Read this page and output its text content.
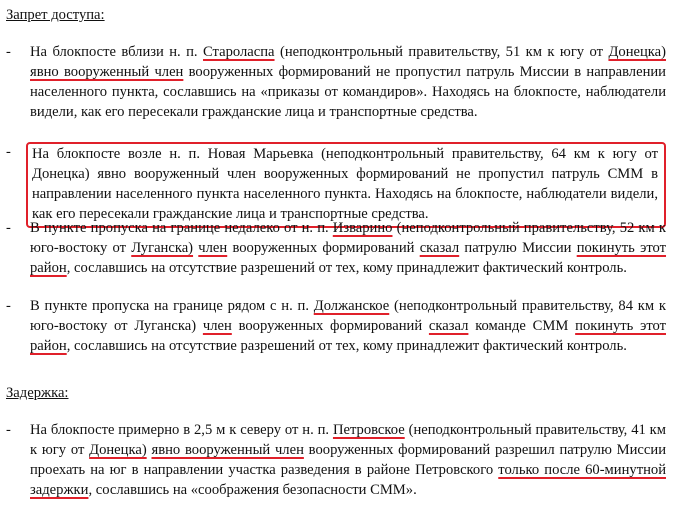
Запрет доступа:
-	На блокпосте вблизи н. п. Староласпа (неподконтрольный правительству, 51 км к югу от Донецка) явно вооруженный член вооруженных формирований не пропустил патруль Миссии в направлении населенного пункта, сославшись на «приказы от командиров». Находясь на блокпосте, наблюдатели видели, как его пересекали гражданские лица и транспортные средства.

-	На блокпосте возле н. п. Новая Марьевка (неподконтрольный правительству, 64 км к югу от Донецка) явно вооруженный член вооруженных формирований не пропустил патруль СММ в направлении населенного пункта населенного пункта. Находясь на блокпосте, наблюдатели видели, как его пересекали гражданские лица и транспортные средства.

-	В пункте пропуска на границе недалеко от н. п. Изварино (неподконтрольный правительству, 52 км к юго-востоку от Луганска) член вооруженных формирований сказал патрулю Миссии покинуть этот район, сославшись на отсутствие разрешений от тех, кому принадлежит фактический контроль.

-	В пункте пропуска на границе рядом с н. п. Должанское (неподконтрольный правительству, 84 км к юго-востоку от Луганска) член вооруженных формирований сказал команде СММ покинуть этот район, сославшись на отсутствие разрешений от тех, кому принадлежит фактический контроль.

Задержка:
-	На блокпосте примерно в 2,5 м к северу от н. п. Петровское (неподконтрольный правительству, 41 км к югу от Донецка) явно вооруженный член вооруженных формирований разрешил патрулю Миссии проехать на юг в направлении участка разведения в районе Петровского только после 60-минутной задержки, сославшись на «соображения безопасности СММ».
